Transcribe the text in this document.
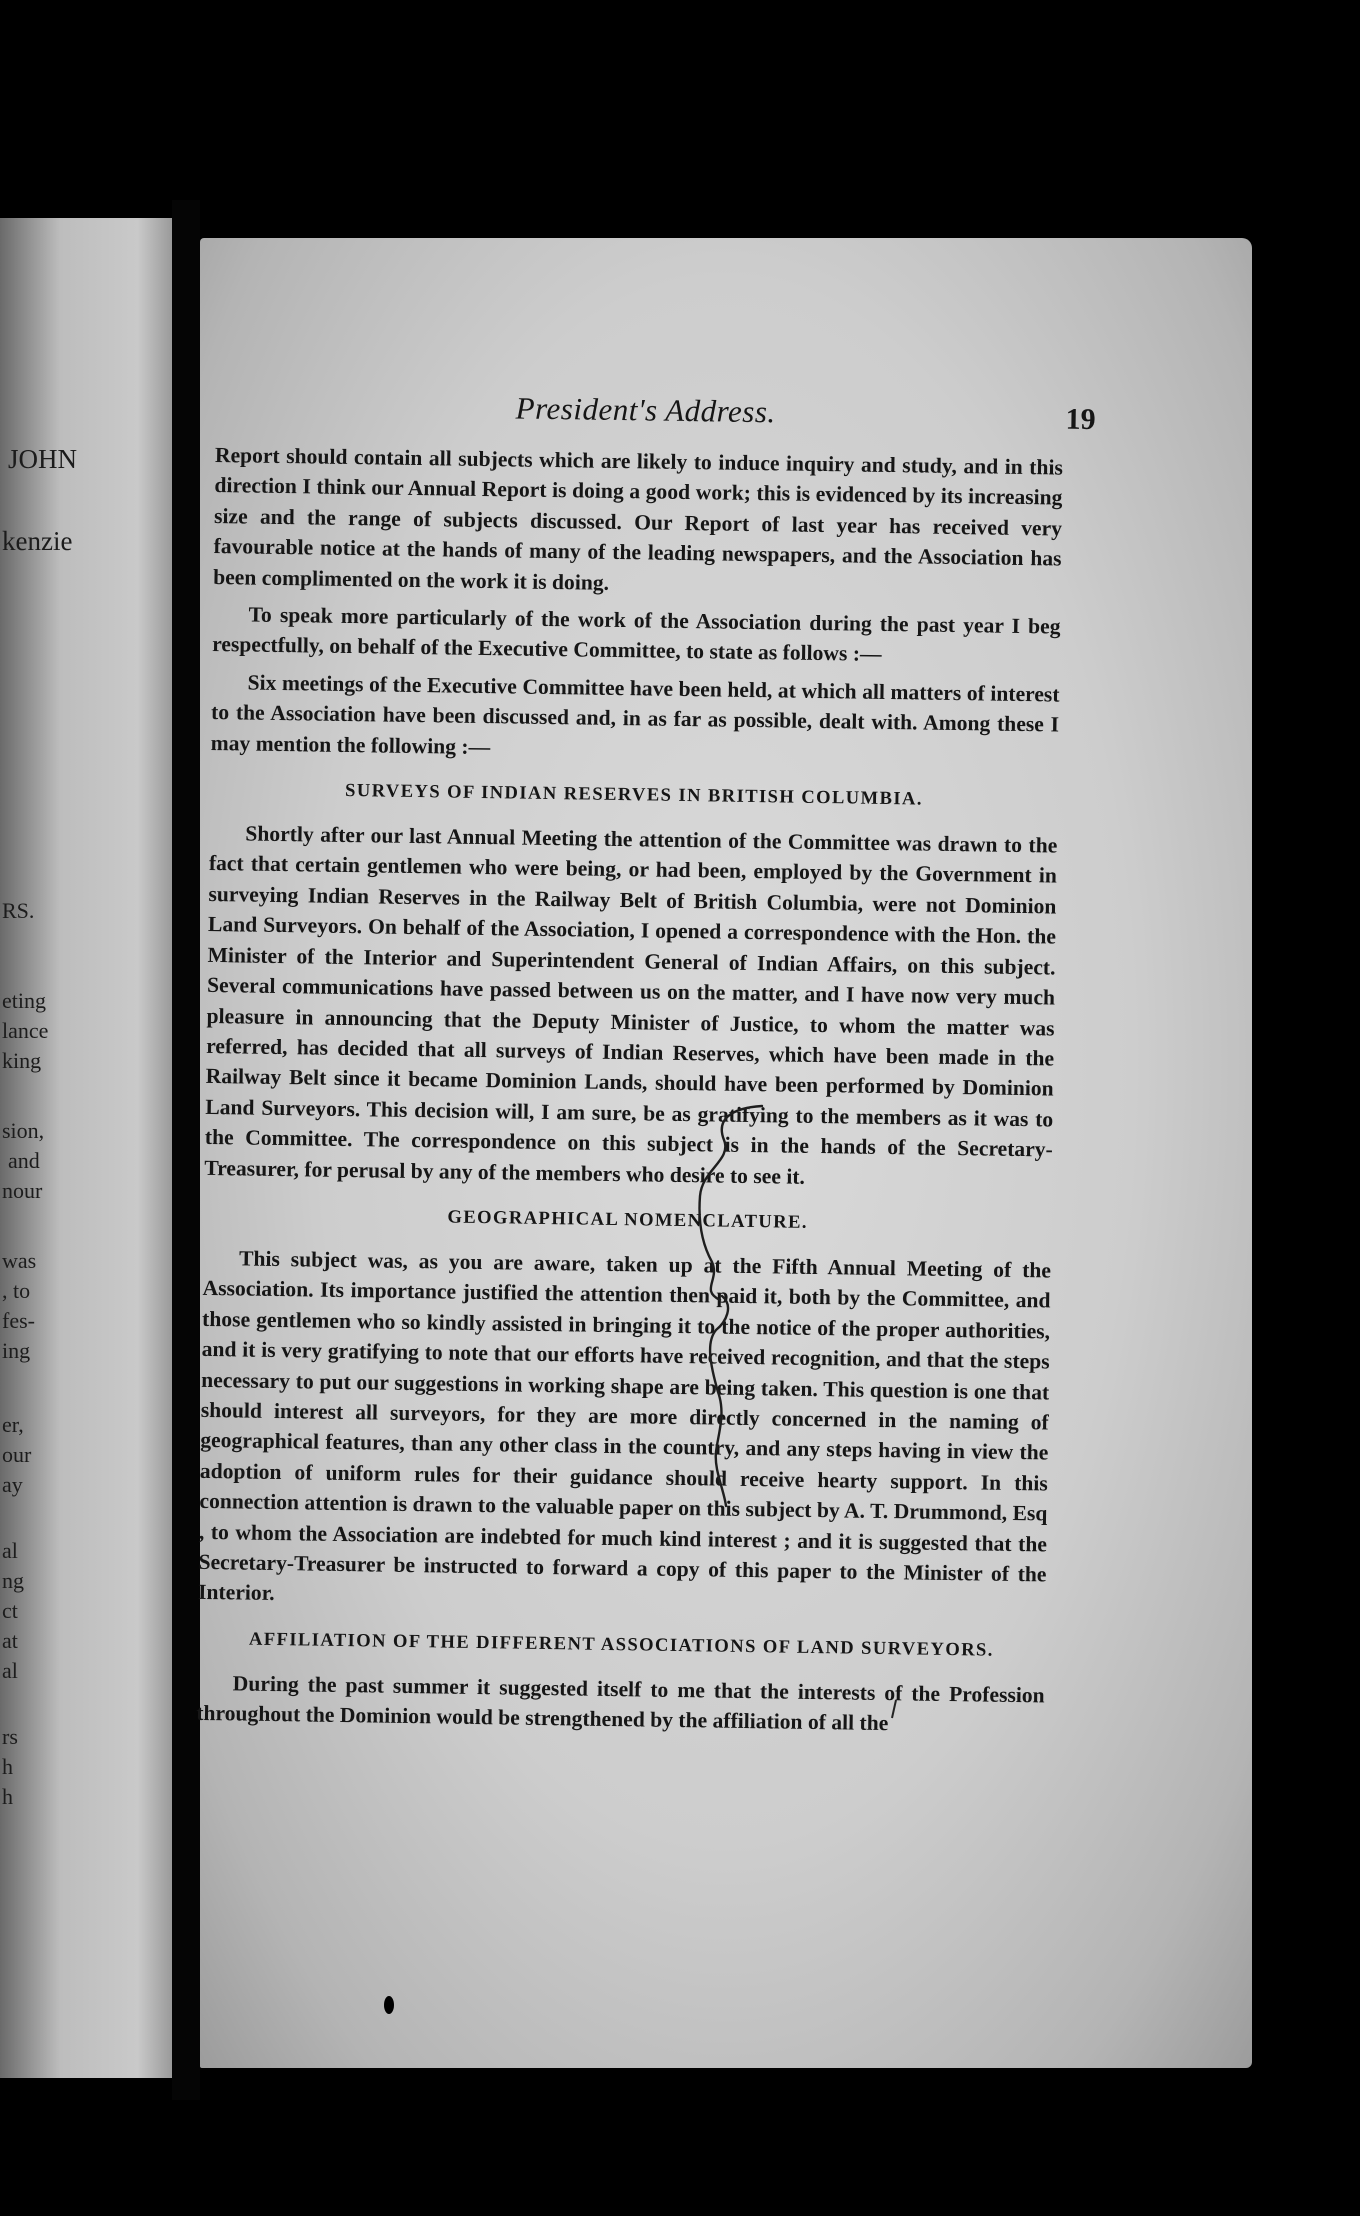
JOHN
kenzie
RS.
eting
lance
king
sion,
and
nour
was
, to
fes-
ing
er,
our
ay
al
ng
ct
at
al
rs
h
h
President's Address.	19

Report should contain all subjects which are likely to induce inquiry and study, and in this direction I think our Annual Report is doing a good work; this is evidenced by its increasing size and the range of subjects discussed. Our Report of last year has received very favourable notice at the hands of many of the leading newspapers, and the Association has been complimented on the work it is doing.

To speak more particularly of the work of the Association during the past year I beg respectfully, on behalf of the Executive Committee, to state as follows :—

Six meetings of the Executive Committee have been held, at which all matters of interest to the Association have been discussed and, in as far as possible, dealt with. Among these I may mention the following :—

SURVEYS OF INDIAN RESERVES IN BRITISH COLUMBIA.

Shortly after our last Annual Meeting the attention of the Committee was drawn to the fact that certain gentlemen who were being, or had been, employed by the Government in surveying Indian Reserves in the Railway Belt of British Columbia, were not Dominion Land Surveyors. On behalf of the Association, I opened a correspondence with the Hon. the Minister of the Interior and Superintendent General of Indian Affairs, on this subject. Several communications have passed between us on the matter, and I have now very much pleasure in announcing that the Deputy Minister of Justice, to whom the matter was referred, has decided that all surveys of Indian Reserves, which have been made in the Railway Belt since it became Dominion Lands, should have been performed by Dominion Land Surveyors. This decision will, I am sure, be as gratifying to the members as it was to the Committee. The correspondence on this subject is in the hands of the Secretary-Treasurer, for perusal by any of the members who desire to see it.

GEOGRAPHICAL NOMENCLATURE.

This subject was, as you are aware, taken up at the Fifth Annual Meeting of the Association. Its importance justified the attention then paid it, both by the Committee, and those gentlemen who so kindly assisted in bringing it to the notice of the proper authorities, and it is very gratifying to note that our efforts have received recognition, and that the steps necessary to put our suggestions in working shape are being taken. This question is one that should interest all surveyors, for they are more directly concerned in the naming of geographical features, than any other class in the country, and any steps having in view the adoption of uniform rules for their guidance should receive hearty support. In this connection attention is drawn to the valuable paper on this subject by A. T. Drummond, Esq , to whom the Association are indebted for much kind interest ; and it is suggested that the Secretary-Treasurer be instructed to forward a copy of this paper to the Minister of the Interior.

AFFILIATION OF THE DIFFERENT ASSOCIATIONS OF LAND SURVEYORS.

During the past summer it suggested itself to me that the interests of the Profession throughout the Dominion would be strengthened by the affiliation of all the
